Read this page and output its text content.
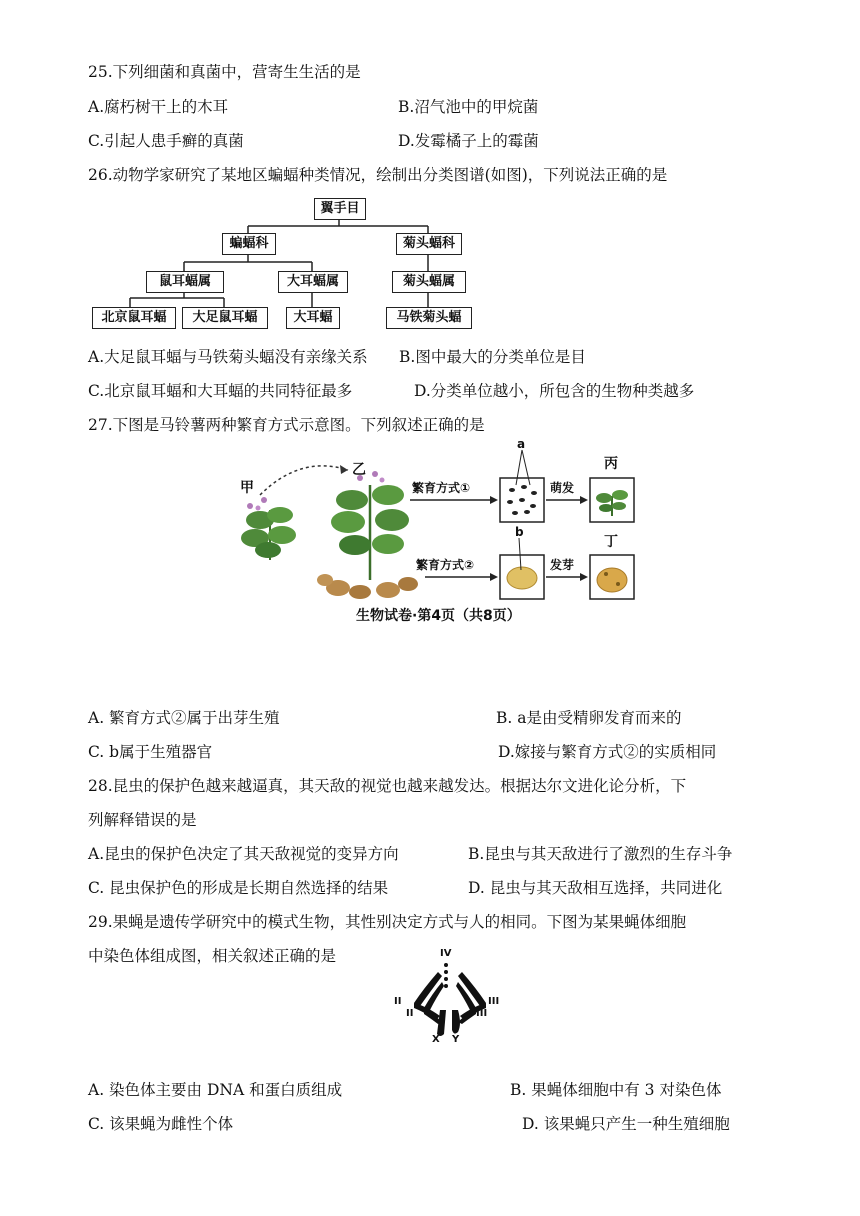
25.下列细菌和真菌中，营寄生生活的是
A.腐朽树干上的木耳	B.沼气池中的甲烷菌
C.引起人患手癣的真菌	D.发霉橘子上的霉菌
26.动物学家研究了某地区蝙蝠种类情况，绘制出分类图谱(如图)，下列说法正确的是
翼手目
蝙蝠科	菊头蝠科
鼠耳蝠属	大耳蝠属	菊头蝠属
北京鼠耳蝠	大足鼠耳蝠	大耳蝠	马铁菊头蝠
A.大足鼠耳蝠与马铁菊头蝠没有亲缘关系 B.图中最大的分类单位是目
C.北京鼠耳蝠和大耳蝠的共同特征最多	D.分类单位越小，所包含的生物种类越多
27.下图是马铃薯两种繁育方式示意图。下列叙述正确的是
甲
乙	丙
丁
a
b
繁育方式①
繁育方式②
萌发
发芽
生物试卷·第4页（共8页）
A. 繁育方式②属于出芽生殖	B. a是由受精卵发育而来的
C. b属于生殖器官	D.嫁接与繁育方式②的实质相同
28.昆虫的保护色越来越逼真，其天敌的视觉也越来越发达。根据达尔文进化论分析，下
列解释错误的是
A.昆虫的保护色决定了其天敌视觉的变异方向	B.昆虫与其天敌进行了激烈的生存斗争
C. 昆虫保护色的形成是长期自然选择的结果	D. 昆虫与其天敌相互选择，共同进化
29.果蝇是遗传学研究中的模式生物，其性别决定方式与人的相同。下图为某果蝇体细胞
中染色体组成图，相关叙述正确的是	IV
II
II
III
III
X Y
A. 染色体主要由 DNA 和蛋白质组成	B. 果蝇体细胞中有 3 对染色体
C. 该果蝇为雌性个体	D. 该果蝇只产生一种生殖细胞
